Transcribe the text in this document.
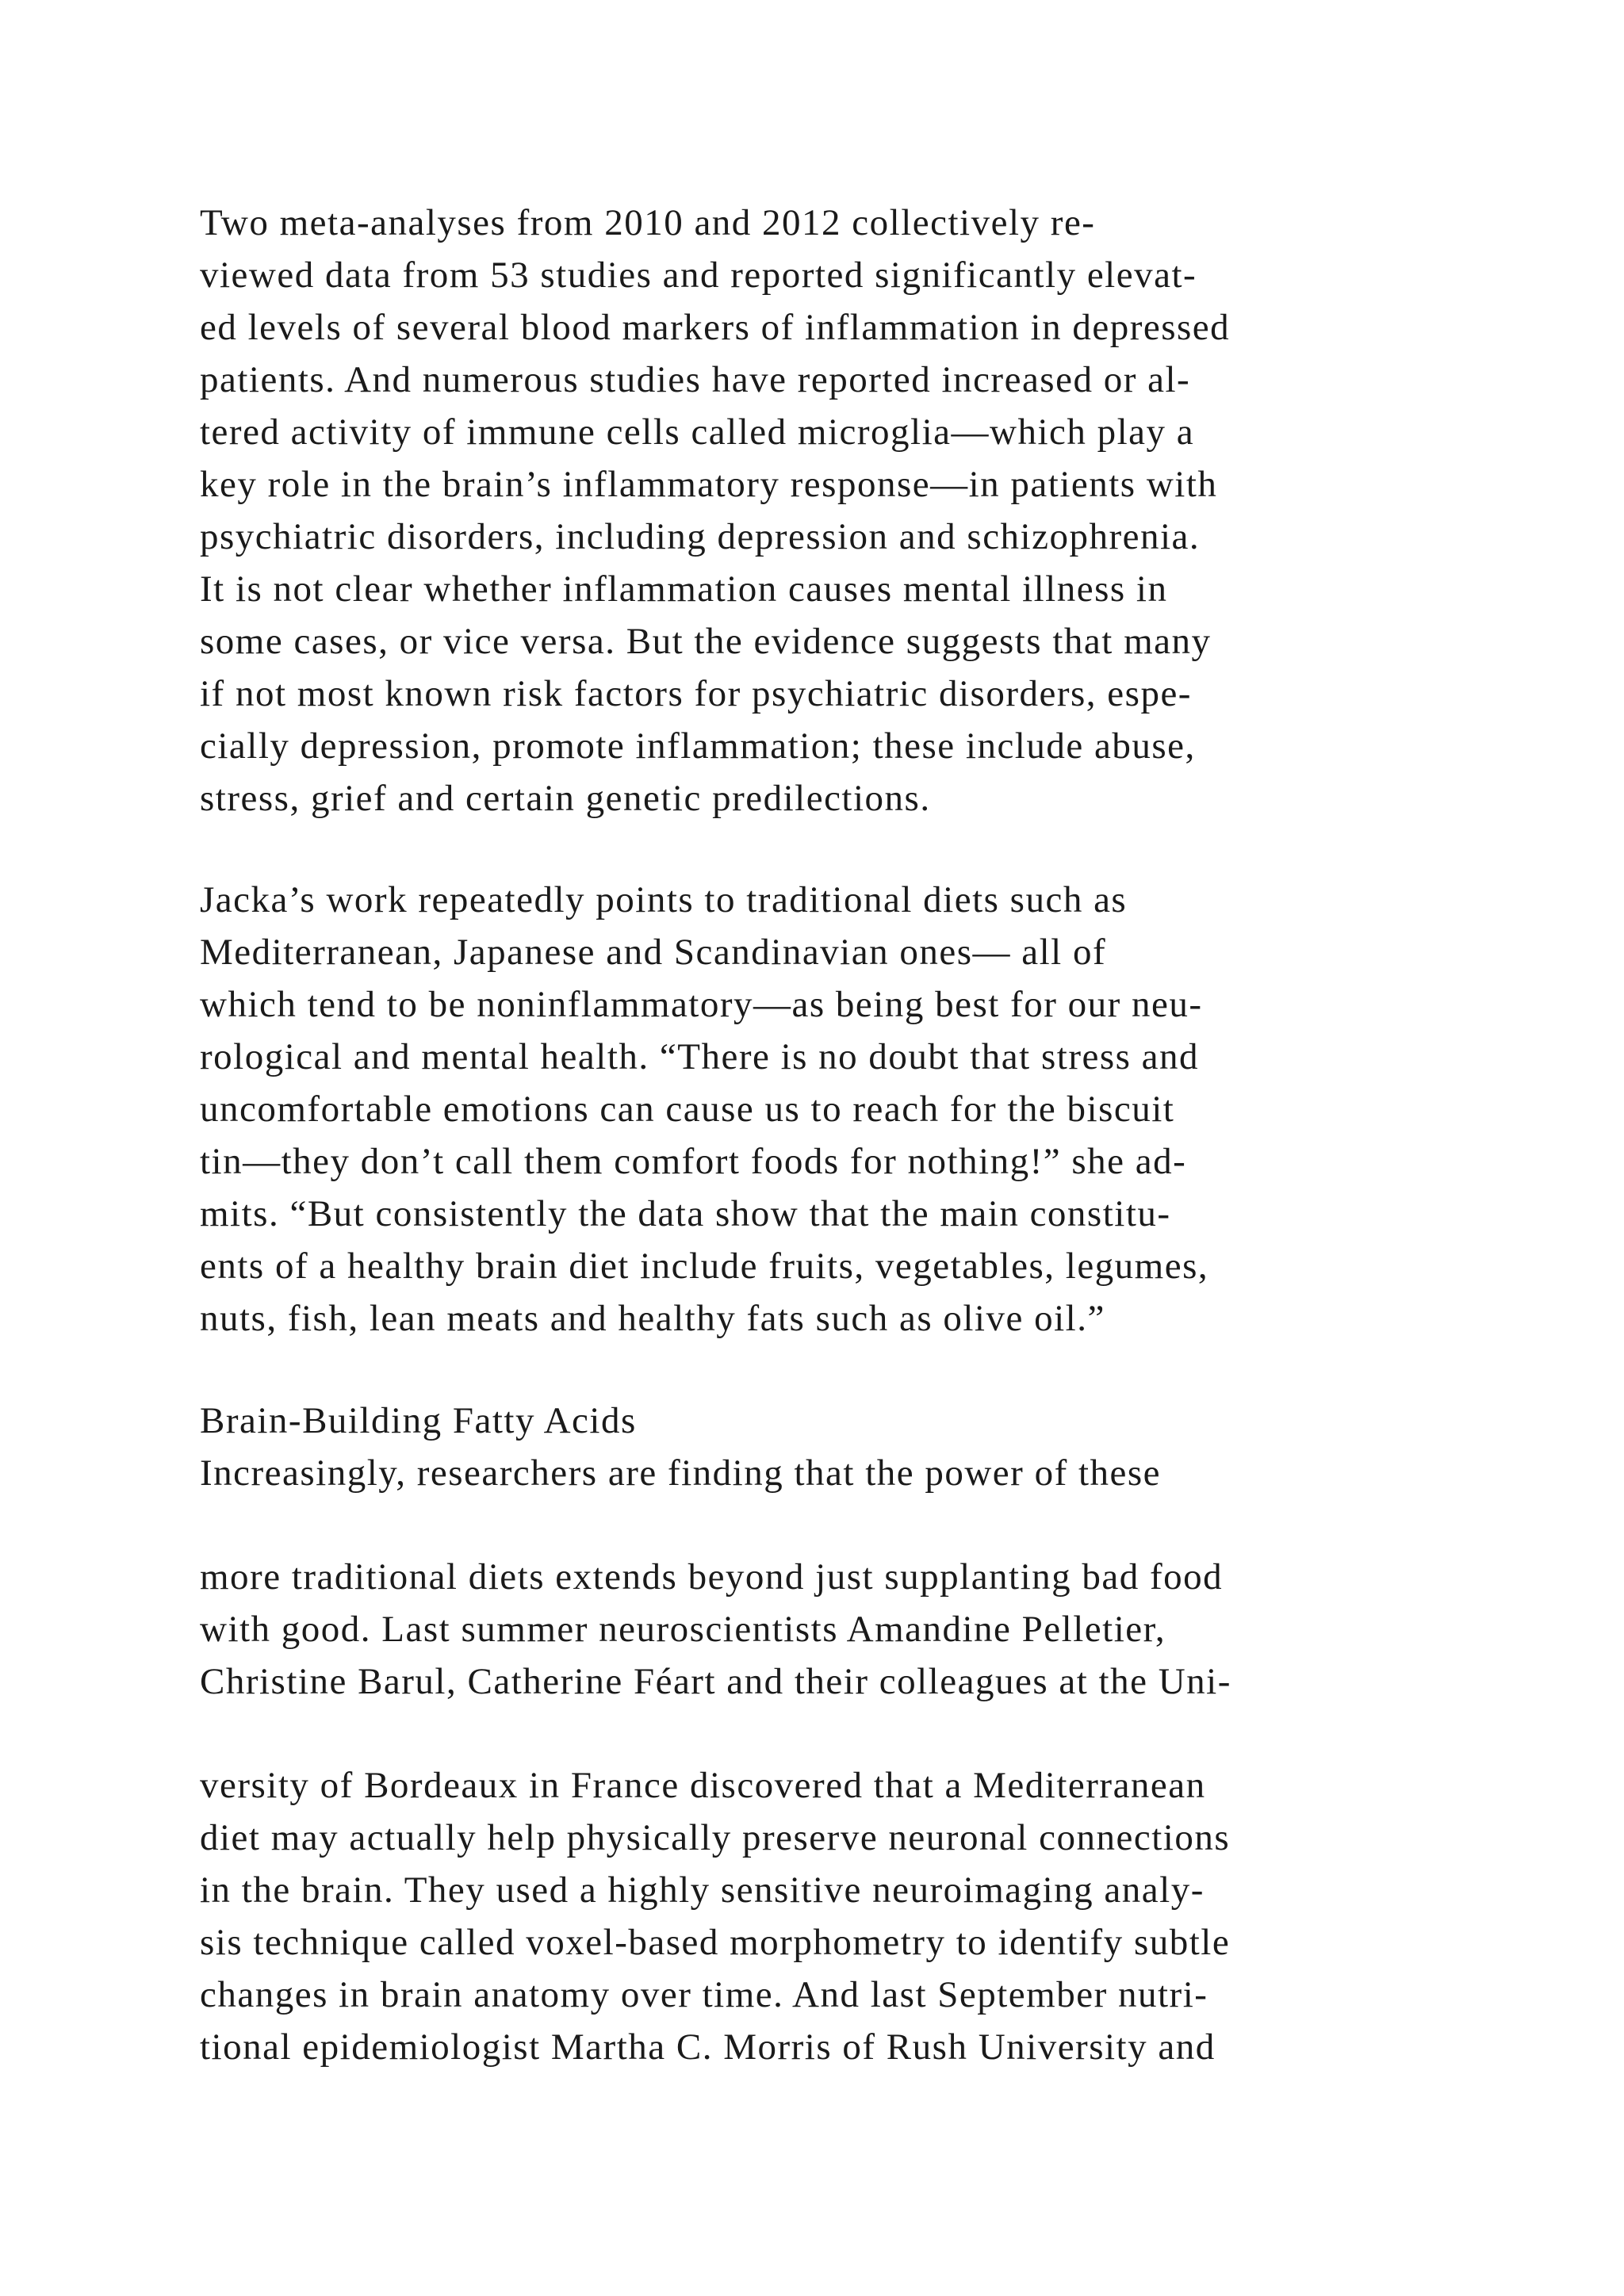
Two meta-analyses from 2010 and 2012 collectively re-
viewed data from 53 studies and reported significantly elevat-
ed levels of several blood markers of inflammation in depressed
patients. And numerous studies have reported increased or al-
tered activity of immune cells called microglia—which play a
key role in the brain’s inflammatory response—in patients with
psychiatric disorders, including depression and schizophrenia.
It is not clear whether inflammation causes mental illness in
some cases, or vice versa. But the evidence suggests that many
if not most known risk factors for psychiatric disorders, espe-
cially depression, promote inflammation; these include abuse,
stress, grief and certain genetic predilections.
Jacka’s work repeatedly points to traditional diets such as
Mediterranean, Japanese and Scandinavian ones— all of
which tend to be noninflammatory—as being best for our neu-
rological and mental health. “There is no doubt that stress and
uncomfortable emotions can cause us to reach for the biscuit
tin—they don’t call them comfort foods for nothing!” she ad-
mits. “But consistently the data show that the main constitu-
ents of a healthy brain diet include fruits, vegetables, legumes,
nuts, fish, lean meats and healthy fats such as olive oil.”
Brain-Building Fatty Acids
Increasingly, researchers are finding that the power of these
more traditional diets extends beyond just supplanting bad food
with good. Last summer neuroscientists Amandine Pelletier,
Christine Barul, Catherine Féart and their colleagues at the Uni-
versity of Bordeaux in France discovered that a Mediterranean
diet may actually help physically preserve neuronal connections
in the brain. They used a highly sensitive neuroimaging analy-
sis technique called voxel-based morphometry to identify subtle
changes in brain anatomy over time. And last September nutri-
tional epidemiologist Martha C. Morris of Rush University and
